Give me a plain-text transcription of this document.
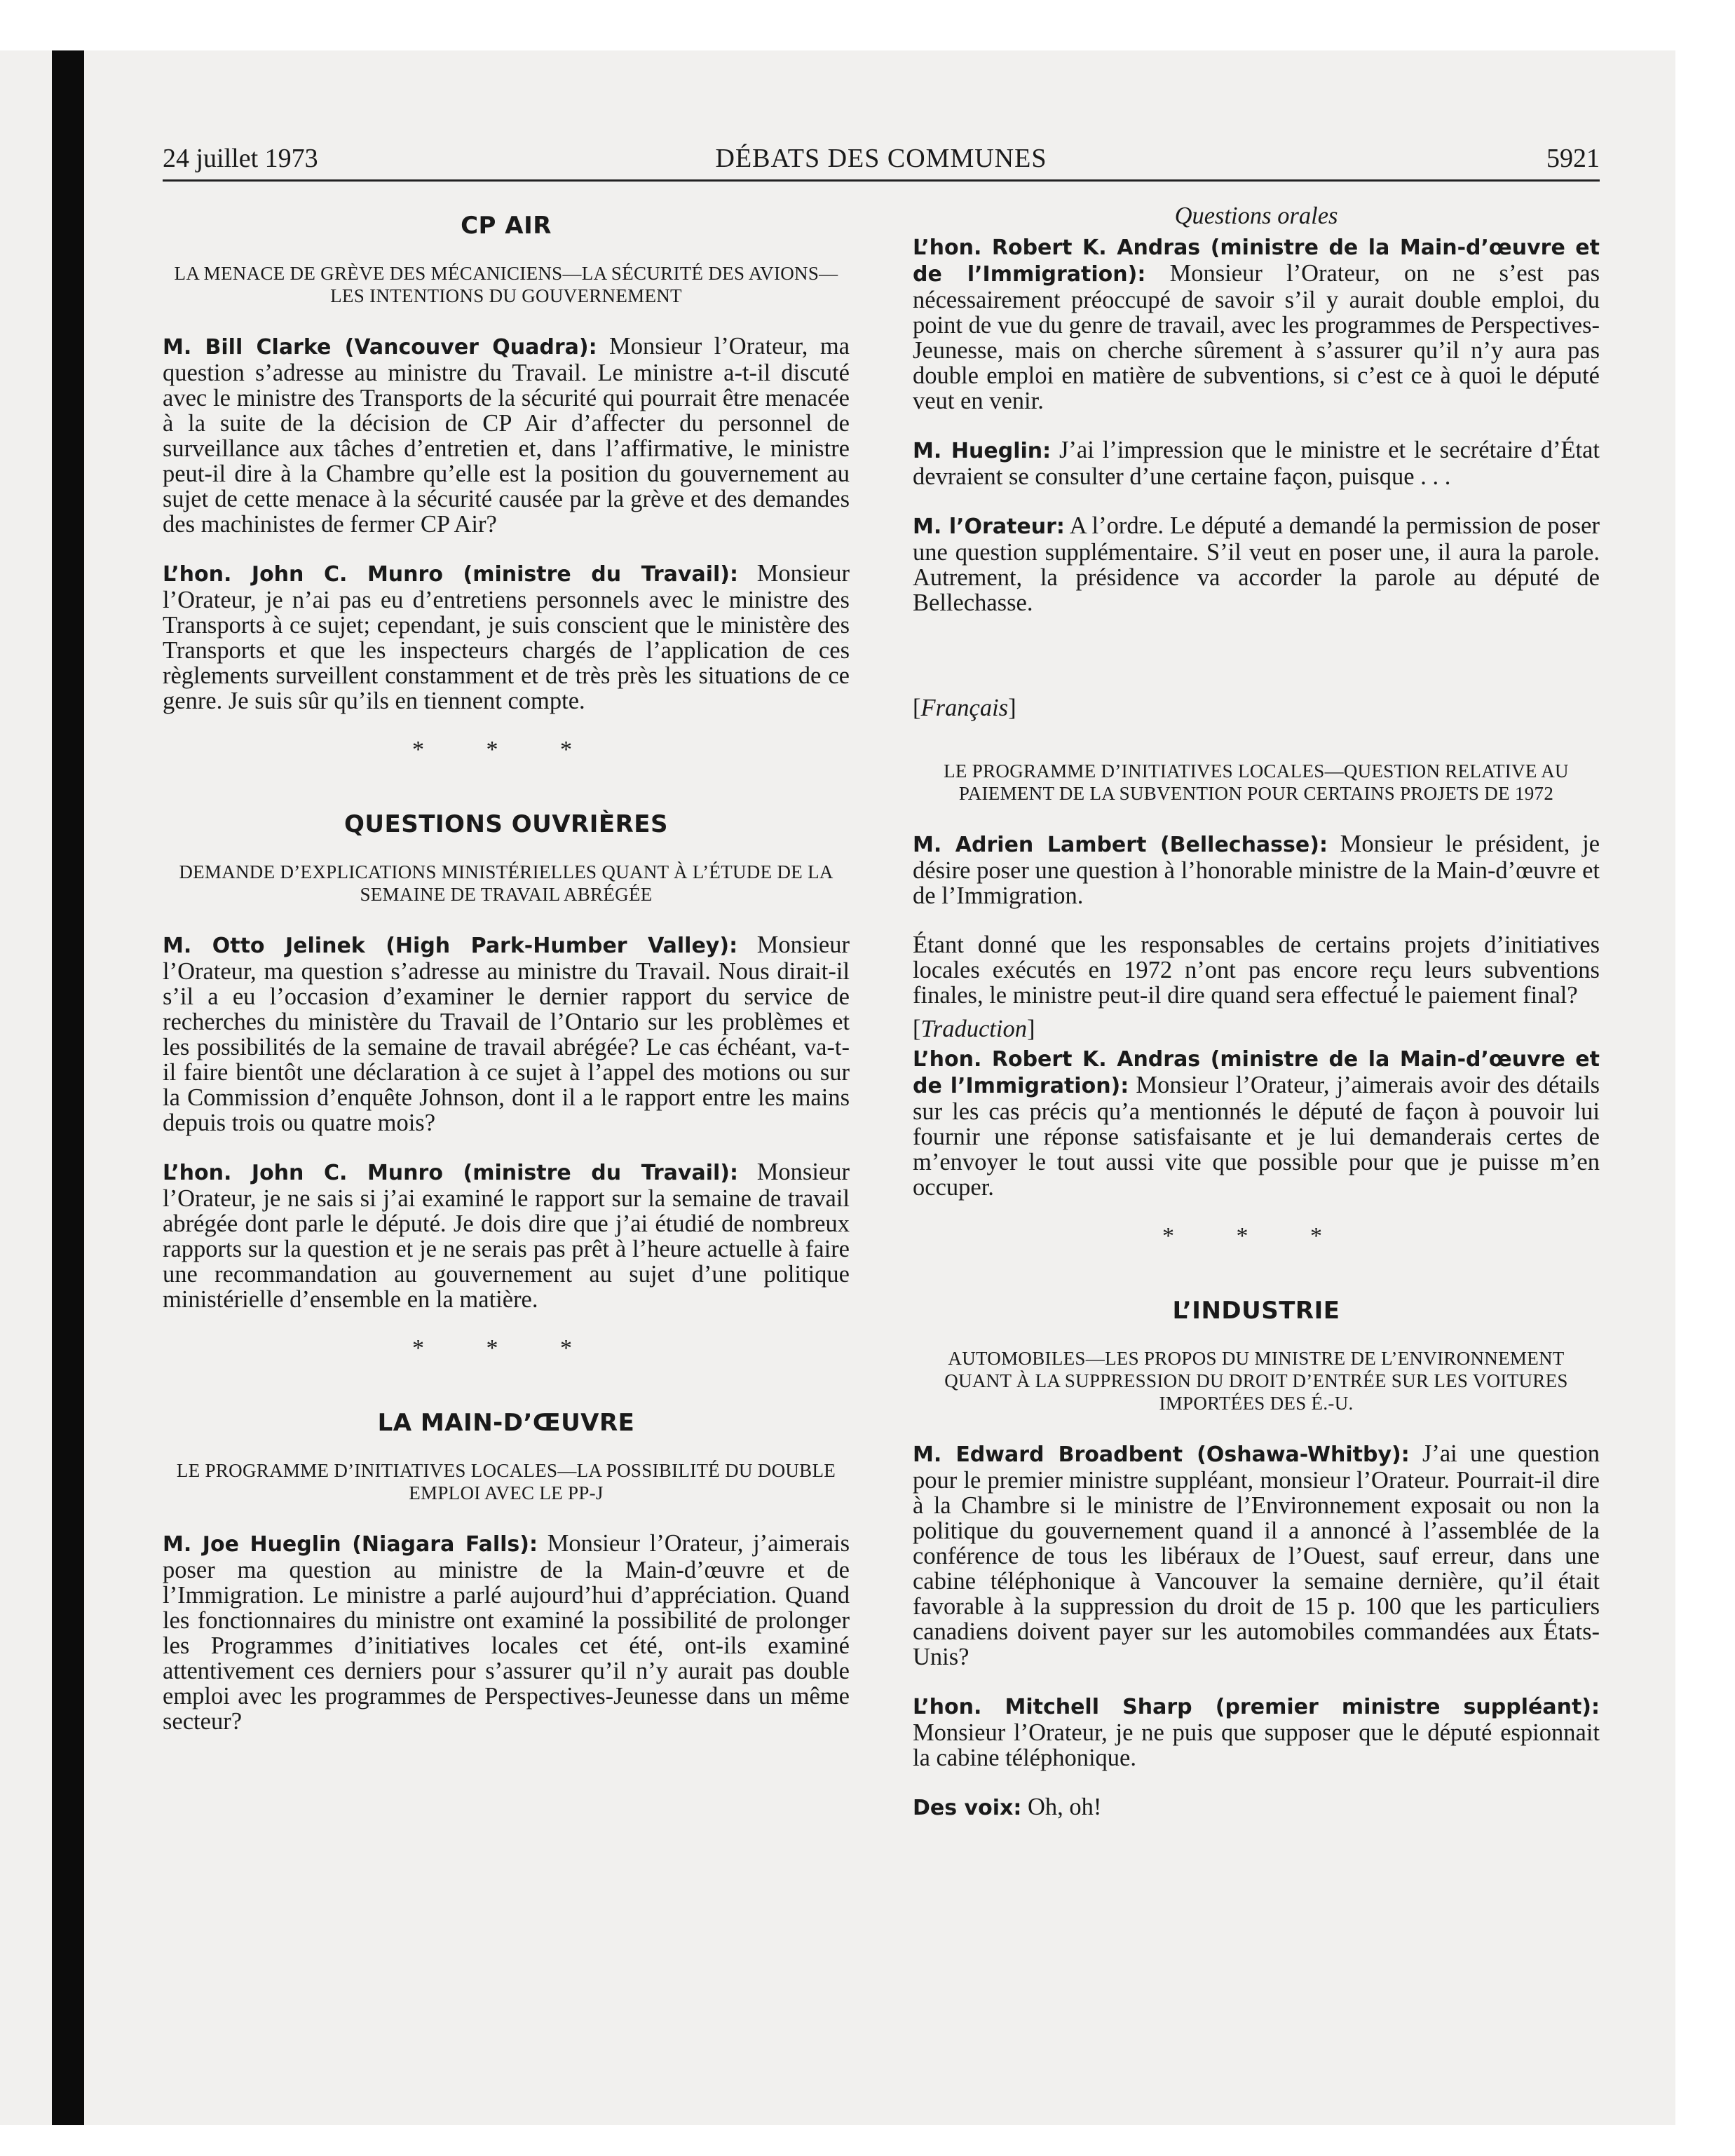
DÉBATS DES COMMUNES
24 juillet 1973	5921
CP AIR
LA MENACE DE GRÈVE DES MÉCANICIENS—LA SÉCURITÉ DES AVIONS—LES INTENTIONS DU GOUVERNEMENT

M. Bill Clarke (Vancouver Quadra): Monsieur l’Orateur, ma question s’adresse au ministre du Travail. Le ministre a-t-il discuté avec le ministre des Transports de la sécurité qui pourrait être menacée à la suite de la décision de CP Air d’affecter du personnel de surveillance aux tâches d’entretien et, dans l’affirmative, le ministre peut-il dire à la Chambre qu’elle est la position du gouvernement au sujet de cette menace à la sécurité causée par la grève et des demandes des machinistes de fermer CP Air?

L’hon. John C. Munro (ministre du Travail): Monsieur l’Orateur, je n’ai pas eu d’entretiens personnels avec le ministre des Transports à ce sujet; cependant, je suis conscient que le ministère des Transports et que les inspecteurs chargés de l’application de ces règlements surveillent constamment et de très près les situations de ce genre. Je suis sûr qu’ils en tiennent compte.

* * *
QUESTIONS OUVRIÈRES
DEMANDE D’EXPLICATIONS MINISTÉRIELLES QUANT À L’ÉTUDE DE LA SEMAINE DE TRAVAIL ABRÉGÉE

M. Otto Jelinek (High Park-Humber Valley): Monsieur l’Orateur, ma question s’adresse au ministre du Travail. Nous dirait-il s’il a eu l’occasion d’examiner le dernier rapport du service de recherches du ministère du Travail de l’Ontario sur les problèmes et les possibilités de la semaine de travail abrégée? Le cas échéant, va-t-il faire bientôt une déclaration à ce sujet à l’appel des motions ou sur la Commission d’enquête Johnson, dont il a le rapport entre les mains depuis trois ou quatre mois?

L’hon. John C. Munro (ministre du Travail): Monsieur l’Orateur, je ne sais si j’ai examiné le rapport sur la semaine de travail abrégée dont parle le député. Je dois dire que j’ai étudié de nombreux rapports sur la question et je ne serais pas prêt à l’heure actuelle à faire une recommandation au gouvernement au sujet d’une politique ministérielle d’ensemble en la matière.

* * *
LA MAIN-D’ŒUVRE
LE PROGRAMME D’INITIATIVES LOCALES—LA POSSIBILITÉ DU DOUBLE EMPLOI AVEC LE PP-J

M. Joe Hueglin (Niagara Falls): Monsieur l’Orateur, j’aimerais poser ma question au ministre de la Main-d’œuvre et de l’Immigration. Le ministre a parlé aujourd’hui d’appréciation. Quand les fonctionnaires du ministre ont examiné la possibilité de prolonger les Programmes d’initiatives locales cet été, ont-ils examiné attentivement ces derniers pour s’assurer qu’il n’y aurait pas double emploi avec les programmes de Perspectives-Jeunesse dans un même secteur?

Questions orales

L’hon. Robert K. Andras (ministre de la Main-d’œuvre et de l’Immigration): Monsieur l’Orateur, on ne s’est pas nécessairement préoccupé de savoir s’il y aurait double emploi, du point de vue du genre de travail, avec les programmes de Perspectives-Jeunesse, mais on cherche sûrement à s’assurer qu’il n’y aura pas double emploi en matière de subventions, si c’est ce à quoi le député veut en venir.

M. Hueglin: J’ai l’impression que le ministre et le secrétaire d’État devraient se consulter d’une certaine façon, puisque . . .

M. l’Orateur: A l’ordre. Le député a demandé la permission de poser une question supplémentaire. S’il veut en poser une, il aura la parole. Autrement, la présidence va accorder la parole au député de Bellechasse.

[Français]
LE PROGRAMME D’INITIATIVES LOCALES—QUESTION RELATIVE AU PAIEMENT DE LA SUBVENTION POUR CERTAINS PROJETS DE 1972

M. Adrien Lambert (Bellechasse): Monsieur le président, je désire poser une question à l’honorable ministre de la Main-d’œuvre et de l’Immigration.

Étant donné que les responsables de certains projets d’initiatives locales exécutés en 1972 n’ont pas encore reçu leurs subventions finales, le ministre peut-il dire quand sera effectué le paiement final?

[Traduction]

L’hon. Robert K. Andras (ministre de la Main-d’œuvre et de l’Immigration): Monsieur l’Orateur, j’aimerais avoir des détails sur les cas précis qu’a mentionnés le député de façon à pouvoir lui fournir une réponse satisfaisante et je lui demanderais certes de m’envoyer le tout aussi vite que possible pour que je puisse m’en occuper.

* * *
L’INDUSTRIE
AUTOMOBILES—LES PROPOS DU MINISTRE DE L’ENVIRONNEMENT QUANT À LA SUPPRESSION DU DROIT D’ENTRÉE SUR LES VOITURES IMPORTÉES DES É.-U.

M. Edward Broadbent (Oshawa-Whitby): J’ai une question pour le premier ministre suppléant, monsieur l’Orateur. Pourrait-il dire à la Chambre si le ministre de l’Environnement exposait ou non la politique du gouvernement quand il a annoncé à l’assemblée de la conférence de tous les libéraux de l’Ouest, sauf erreur, dans une cabine téléphonique à Vancouver la semaine dernière, qu’il était favorable à la suppression du droit de 15 p. 100 que les particuliers canadiens doivent payer sur les automobiles commandées aux États-Unis?

L’hon. Mitchell Sharp (premier ministre suppléant): Monsieur l’Orateur, je ne puis que supposer que le député espionnait la cabine téléphonique.

Des voix: Oh, oh!
